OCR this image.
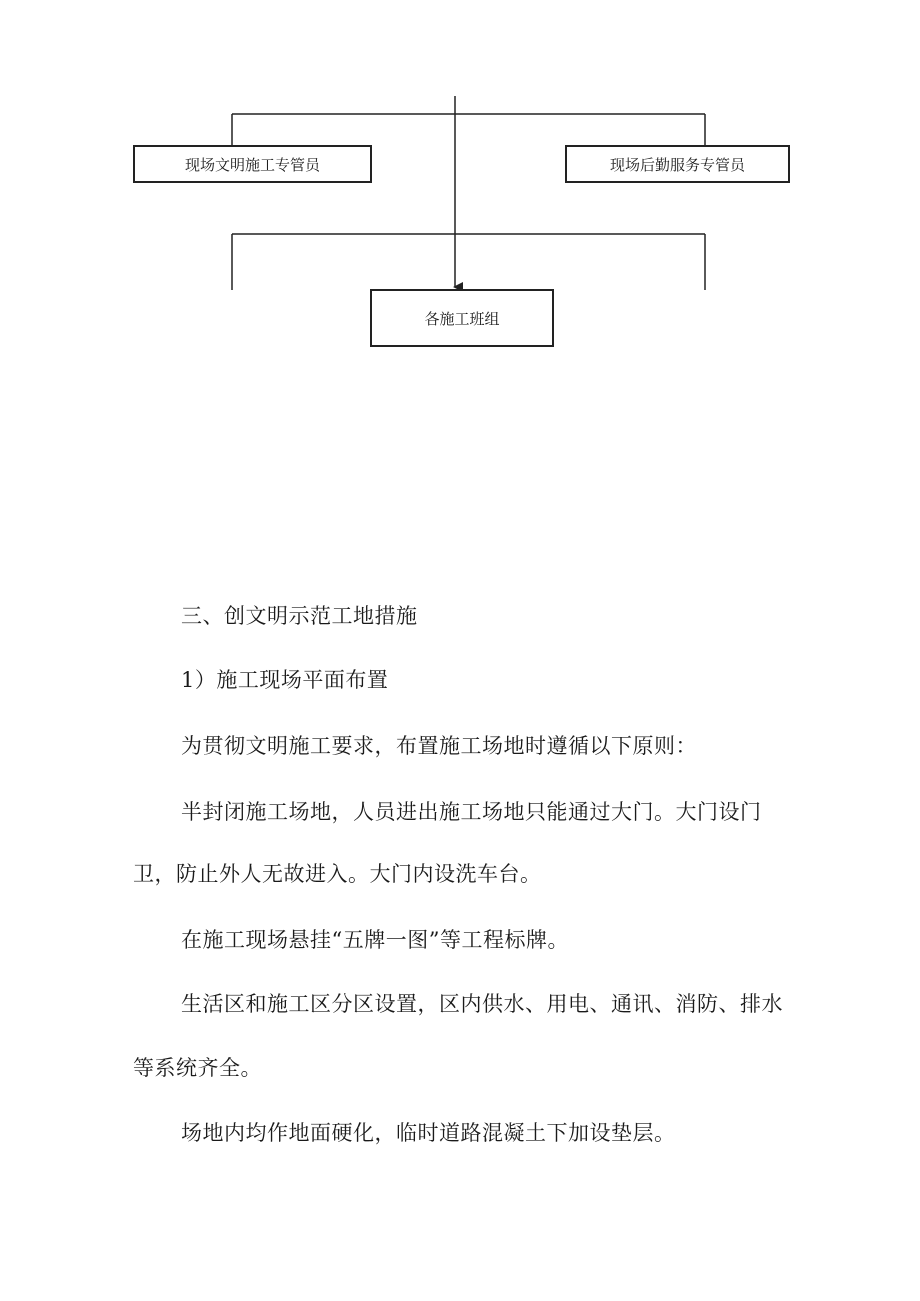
现场文明施工专管员	现场后勤服务专管员
各施工班组
三、创文明示范工地措施
1）施工现场平面布置
为贯彻文明施工要求，布置施工场地时遵循以下原则：
半封闭施工场地，人员进出施工场地只能通过大门。大门设门
卫，防止外人无故进入。大门内设洗车台。
在施工现场悬挂“五牌一图”等工程标牌。
生活区和施工区分区设置，区内供水、用电、通讯、消防、排水
等系统齐全。
场地内均作地面硬化，临时道路混凝土下加设垫层。
